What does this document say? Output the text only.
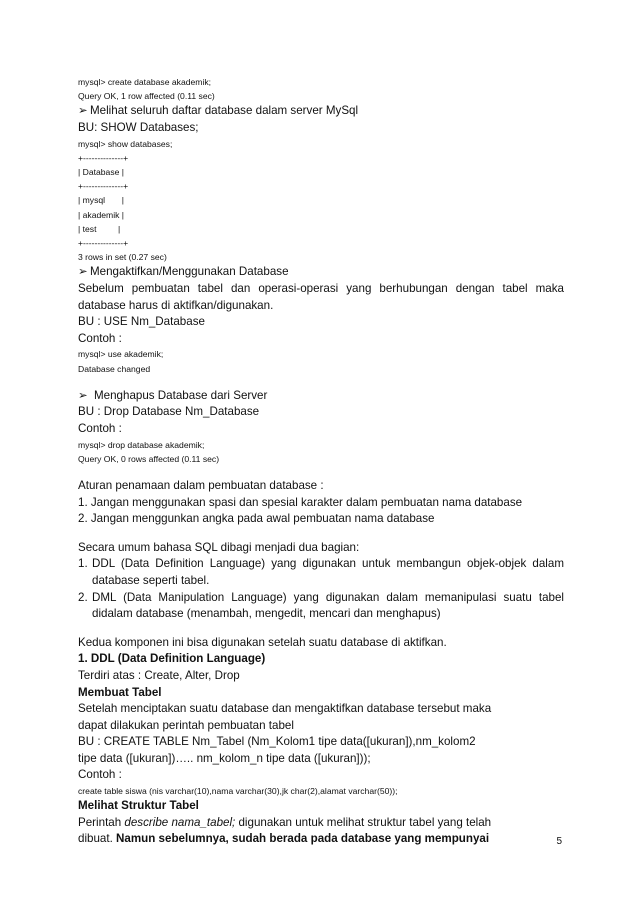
mysql> create database akademik;
Query OK, 1 row affected (0.11 sec)
➢ Melihat seluruh daftar database dalam server MySql
BU: SHOW Databases;
mysql> show databases;
+--------------+
| Database |
+--------------+
| mysql       |
| akademik |
| test         |
+--------------+
3 rows in set (0.27 sec)
➢ Mengaktifkan/Menggunakan Database
Sebelum pembuatan tabel dan operasi-operasi yang berhubungan dengan tabel maka database harus di aktifkan/digunakan.
BU : USE Nm_Database
Contoh :
mysql> use akademik;
Database changed
➢ Menghapus Database dari Server
BU : Drop Database Nm_Database
Contoh :
mysql> drop database akademik;
Query OK, 0 rows affected (0.11 sec)
Aturan penamaan dalam pembuatan database :
1. Jangan menggunakan spasi dan spesial karakter dalam pembuatan nama database
2. Jangan menggunkan angka pada awal pembuatan nama database
Secara umum bahasa SQL dibagi menjadi dua bagian:
1. DDL (Data Definition Language) yang digunakan untuk membangun objek-objek dalam database seperti tabel.
2. DML (Data Manipulation Language) yang digunakan dalam memanipulasi suatu tabel didalam database (menambah, mengedit, mencari dan menghapus)
Kedua komponen ini bisa digunakan setelah suatu database di aktifkan.
1. DDL (Data Definition Language)
Terdiri atas : Create, Alter, Drop
Membuat Tabel
Setelah menciptakan suatu database dan mengaktifkan database tersebut maka
dapat dilakukan perintah pembuatan tabel
BU : CREATE TABLE Nm_Tabel (Nm_Kolom1 tipe data([ukuran]),nm_kolom2
tipe data ([ukuran])….. nm_kolom_n tipe data ([ukuran]));
Contoh :
create table siswa (nis varchar(10),nama varchar(30),jk char(2),alamat varchar(50));
Melihat Struktur Tabel
Perintah describe nama_tabel; digunakan untuk melihat struktur tabel yang telah
dibuat. Namun sebelumnya, sudah berada pada database yang mempunyai	5
